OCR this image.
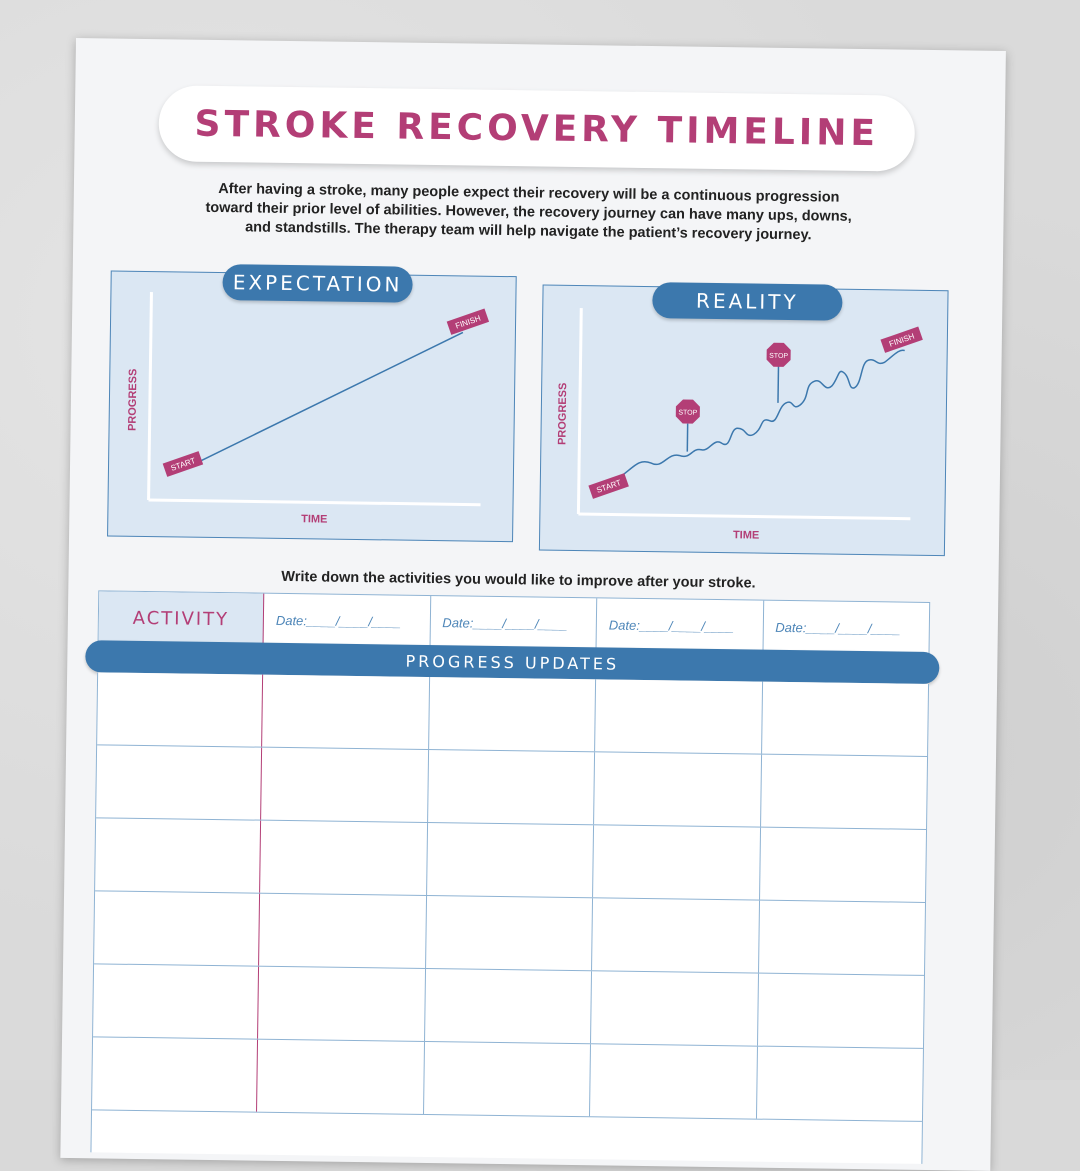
STROKE RECOVERY TIMELINE
After having a stroke, many people expect their recovery will be a continuous progression toward their prior level of abilities. However, the recovery journey can have many ups, downs, and standstills. The therapy team will help navigate the patient’s recovery journey.
START
FINISH
PROGRESS
TIME
EXPECTATION
STOP
STOP
START
FINISH
PROGRESS
TIME
REALITY
Write down the activities you would like to improve after your stroke.
ACTIVITY	Date:____/____/____	Date:____/____/____	Date:____/____/____	Date:____/____/____
PROGRESS UPDATES
